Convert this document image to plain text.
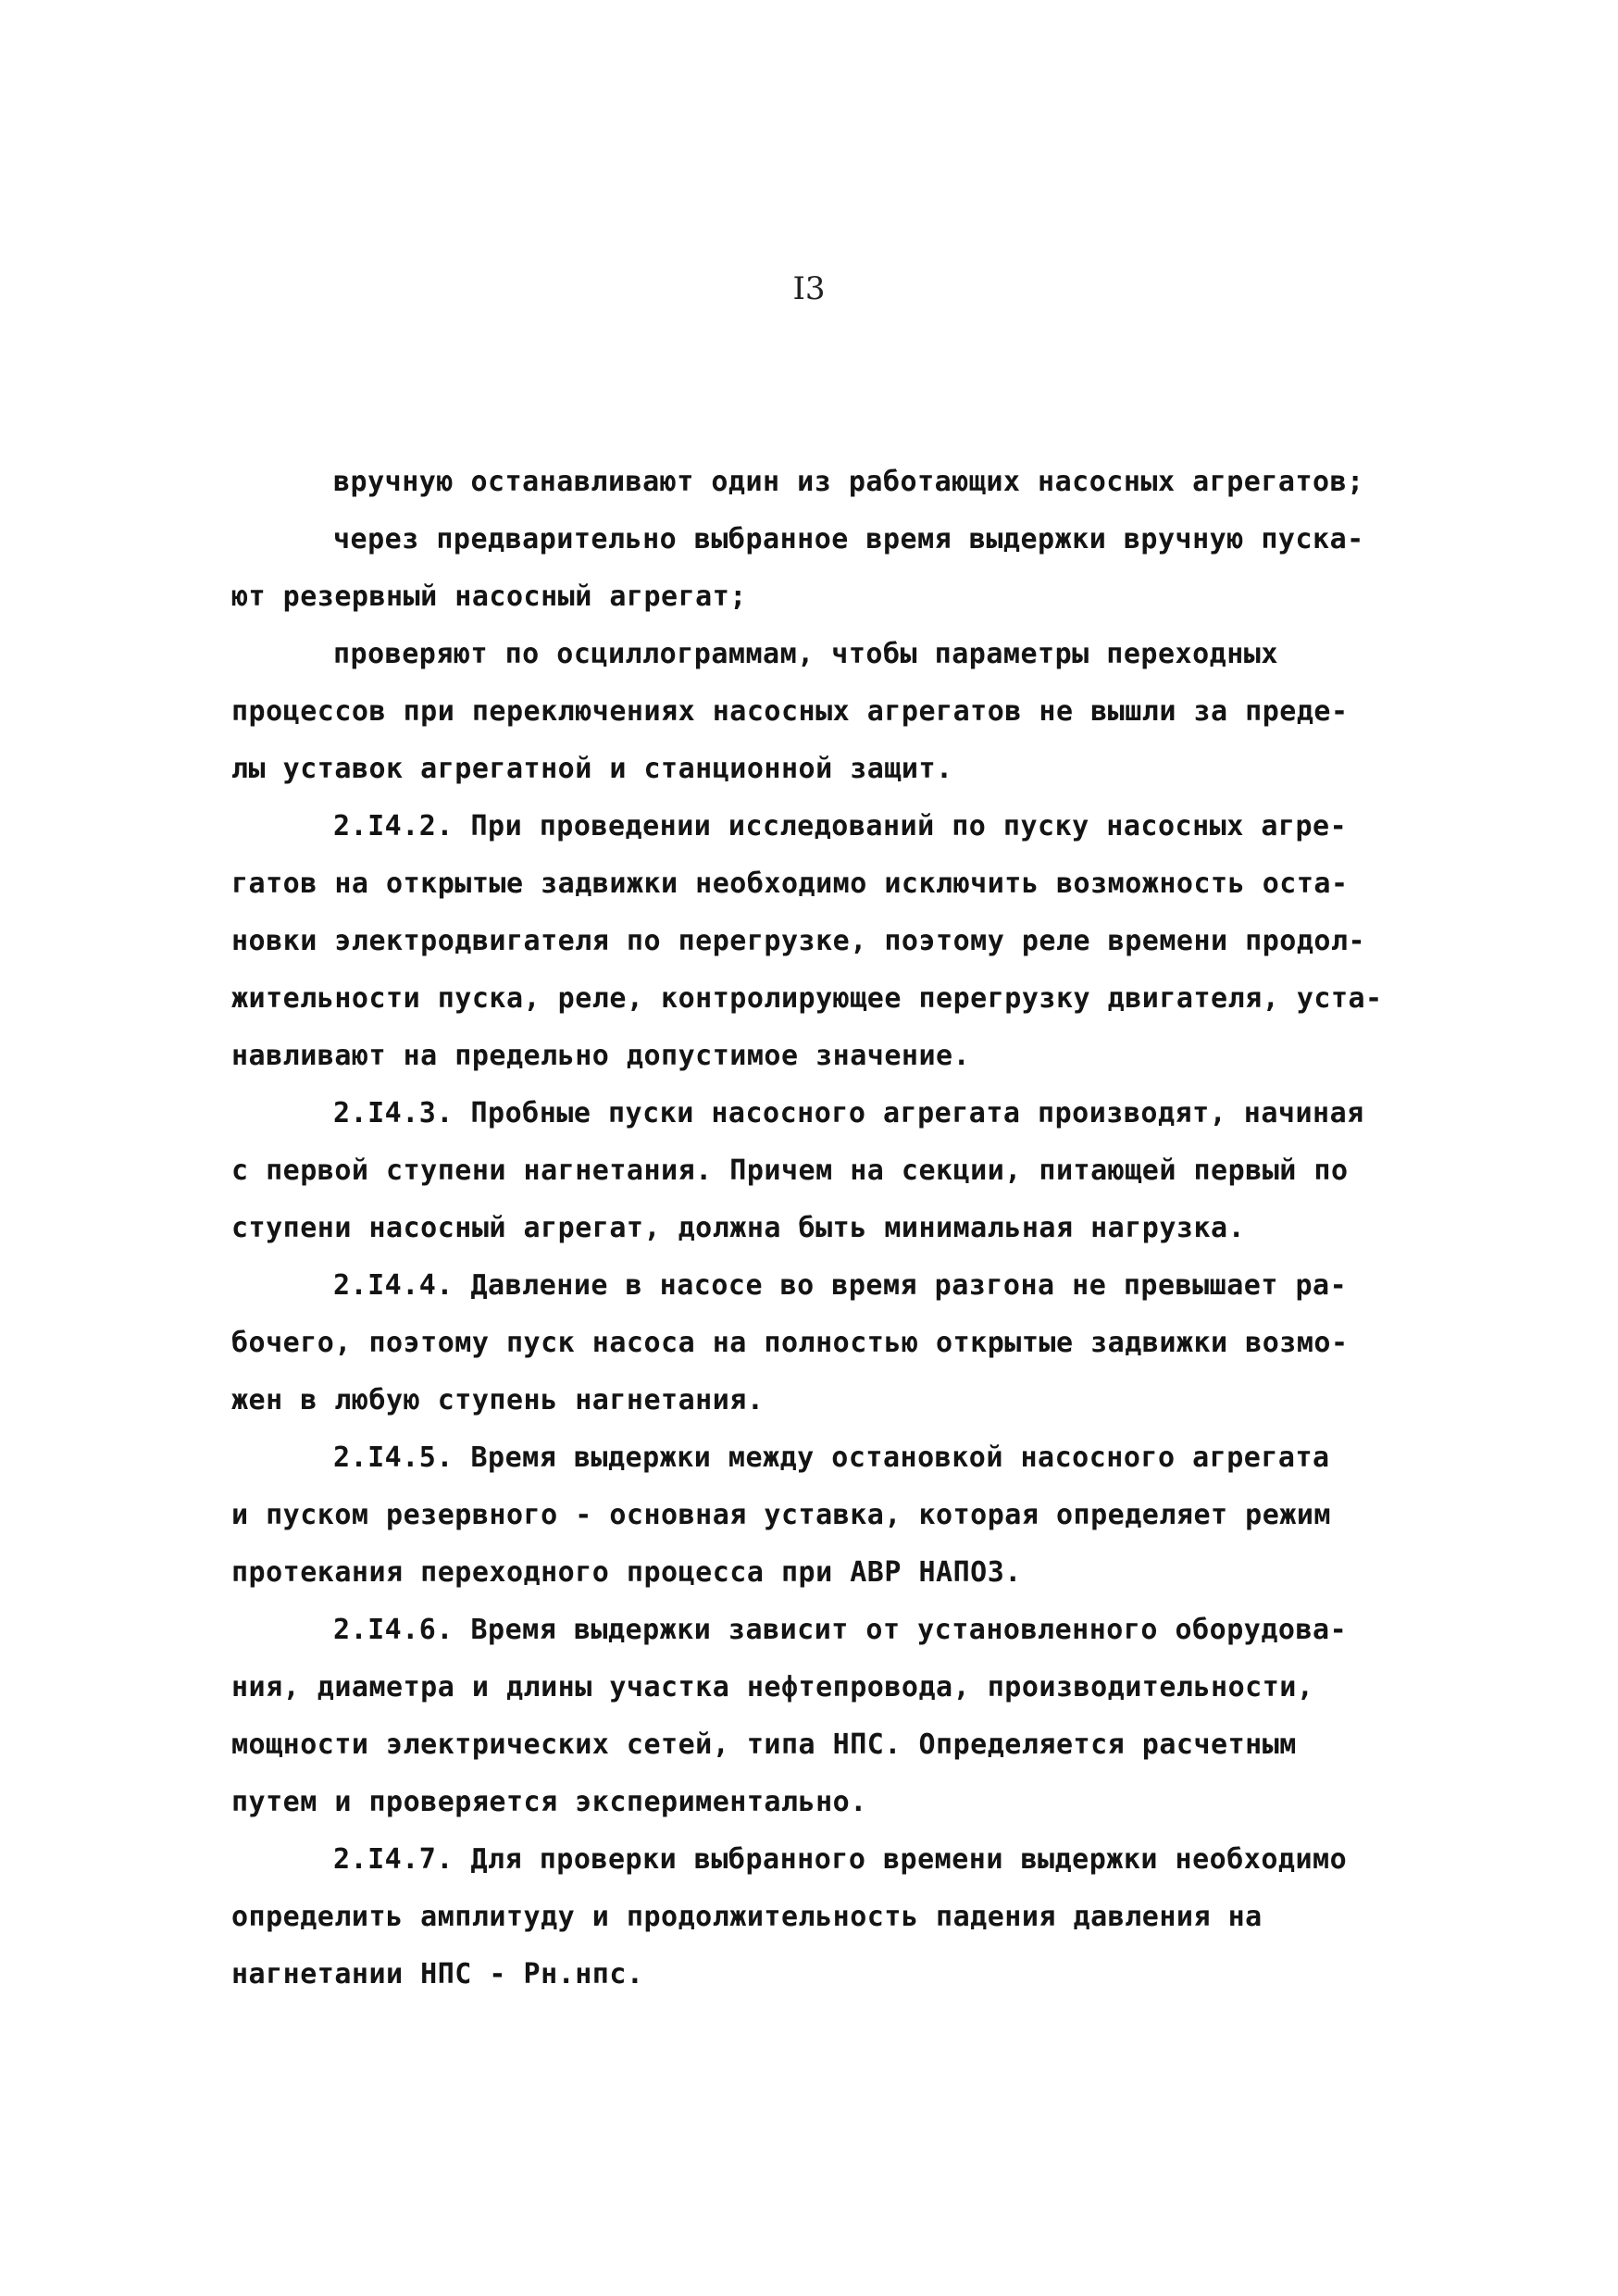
I3
вручную останавливают один из работающих насосных агрегатов;
через предварительно выбранное время выдержки вручную пуска-
ют резервный насосный агрегат;
проверяют по осциллограммам, чтобы параметры переходных
процессов при переключениях насосных агрегатов не вышли за преде-
лы уставок агрегатной и станционной защит.
2.I4.2. При проведении исследований по пуску насосных агре-
гатов на открытые задвижки необходимо исключить возможность оста-
новки электродвигателя по перегрузке, поэтому реле времени продол-
жительности пуска, реле, контролирующее перегрузку двигателя, уста-
навливают на предельно допустимое значение.
2.I4.3. Пробные пуски насосного агрегата производят, начиная
с первой ступени нагнетания. Причем на секции, питающей первый по
ступени насосный агрегат, должна быть минимальная нагрузка.
2.I4.4. Давление в насосе во время разгона не превышает ра-
бочего, поэтому пуск насоса на полностью открытые задвижки возмо-
жен в любую ступень нагнетания.
2.I4.5. Время выдержки между остановкой насосного агрегата
и пуском резервного - основная уставка, которая определяет режим
протекания переходного процесса при АВР НАПОЗ.
2.I4.6. Время выдержки зависит от установленного оборудова-
ния, диаметра и длины участка нефтепровода, производительности,
мощности электрических сетей, типа НПС. Определяется расчетным
путем и проверяется экспериментально.
2.I4.7. Для проверки выбранного времени выдержки необходимо
определить амплитуду и продолжительность падения давления на
нагнетании НПС - Рн.нпс.
